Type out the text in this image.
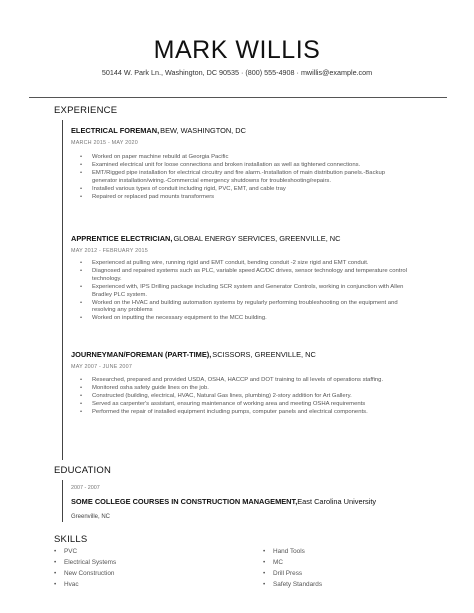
MARK WILLIS
50144 W. Park Ln., Washington, DC 90535 · (800) 555-4908 · mwillis@example.com
EXPERIENCE
ELECTRICAL FOREMAN,BEW, WASHINGTON, DC
MARCH 2015 - MAY 2020
• Worked on paper machine rebuild at Georgia Pacific
• Examined electrical unit for loose connections and broken installation as well as tightened connections.
• EMT/Rigged pipe installation for electrical circuitry and fire alarm.-Installation of main distribution panels.-Backup generator installation/wiring.-Commercial emergency shutdowns for troubleshooting/repairs.
• Installed various types of conduit including rigid, PVC, EMT, and cable tray
• Repaired or replaced pad mounts transformers
APPRENTICE ELECTRICIAN,GLOBAL ENERGY SERVICES, GREENVILLE, NC
MAY 2012 - FEBRUARY 2015
• Experienced at pulling wire, running rigid and EMT conduit, bending conduit -2 size rigid and EMT conduit.
• Diagnosed and repaired systems such as PLC, variable speed AC/DC drives, sensor technology and temperature control technology.
• Experienced with, IPS Drilling package including SCR system and Generator Controls, working in conjunction with Allen Bradley PLC system.
• Worked on the HVAC and building automation systems by regularly performing troubleshooting on the equipment and resolving any problems
• Worked on inputting the necessary equipment to the MCC building.
JOURNEYMAN/FOREMAN (PART-TIME),SCISSORS, GREENVILLE, NC
MAY 2007 - JUNE 2007
• Researched, prepared and provided USDA, OSHA, HACCP and DOT training to all levels of operations staffing.
• Monitored osha safety guide lines on the job.
• Constructed (building, electrical, HVAC, Natural Gas lines, plumbing) 2-story addition for Art Gallery.
• Served as carpenter's assistant, ensuring maintenance of working area and meeting OSHA requirements
• Performed the repair of installed equipment including pumps, computer panels and electrical components.
EDUCATION
2007 - 2007
SOME COLLEGE COURSES IN CONSTRUCTION MANAGEMENT,East Carolina University
Greenville, NC
SKILLS
• PVC
• Electrical Systems
• New Construction
• Hvac
• Hand Tools
• MC
• Drill Press
• Safety Standards
